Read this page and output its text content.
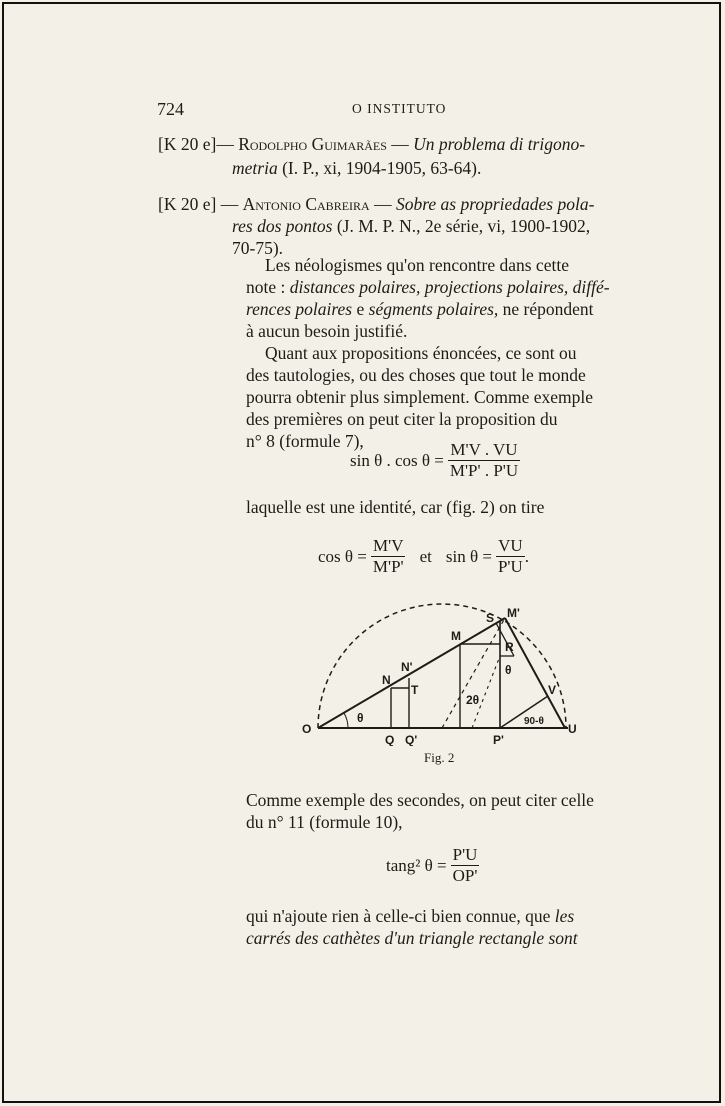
724	O INSTITUTO
[K 20 e]— Rodolpho Guimarães — Un problema di trigono-
metria (I. P., xi, 1904-1905, 63-64).
[K 20 e] — Antonio Cabreira — Sobre as propriedades pola-
res dos pontos (J. M. P. N., 2e série, vi, 1900-1902,
70-75).
Les néologismes qu'on rencontre dans cette
note : distances polaires, projections polaires, diffé-
rences polaires e ségments polaires, ne répondent
à aucun besoin justifié.
Quant aux propositions énoncées, ce sont ou
des tautologies, ou des choses que tout le monde
pourra obtenir plus simplement. Comme exemple
des premières on peut citer la proposition du
n° 8 (formule 7),
sin θ . $\cos \theta = \frac{M'V . VU}{M'P' . P'U}$
laquelle est une identité, car (fig. 2) on tire
$\cos \theta = \frac{M'V}{M'P'}$ et $\sin \theta = \frac{VU}{P'U}$ .
O
Q Q'	P'
U
N
N'
T
M
M'
S
R
V
θ
θ
2θ
90-θ
Fig. 2
Comme exemple des secondes, on peut citer celle
du n° 11 (formule 10),
tang² $\theta = \frac{P'U}{OP'}$
qui n'ajoute rien à celle-ci bien connue, que les
carrés des cathètes d'un triangle rectangle sont
